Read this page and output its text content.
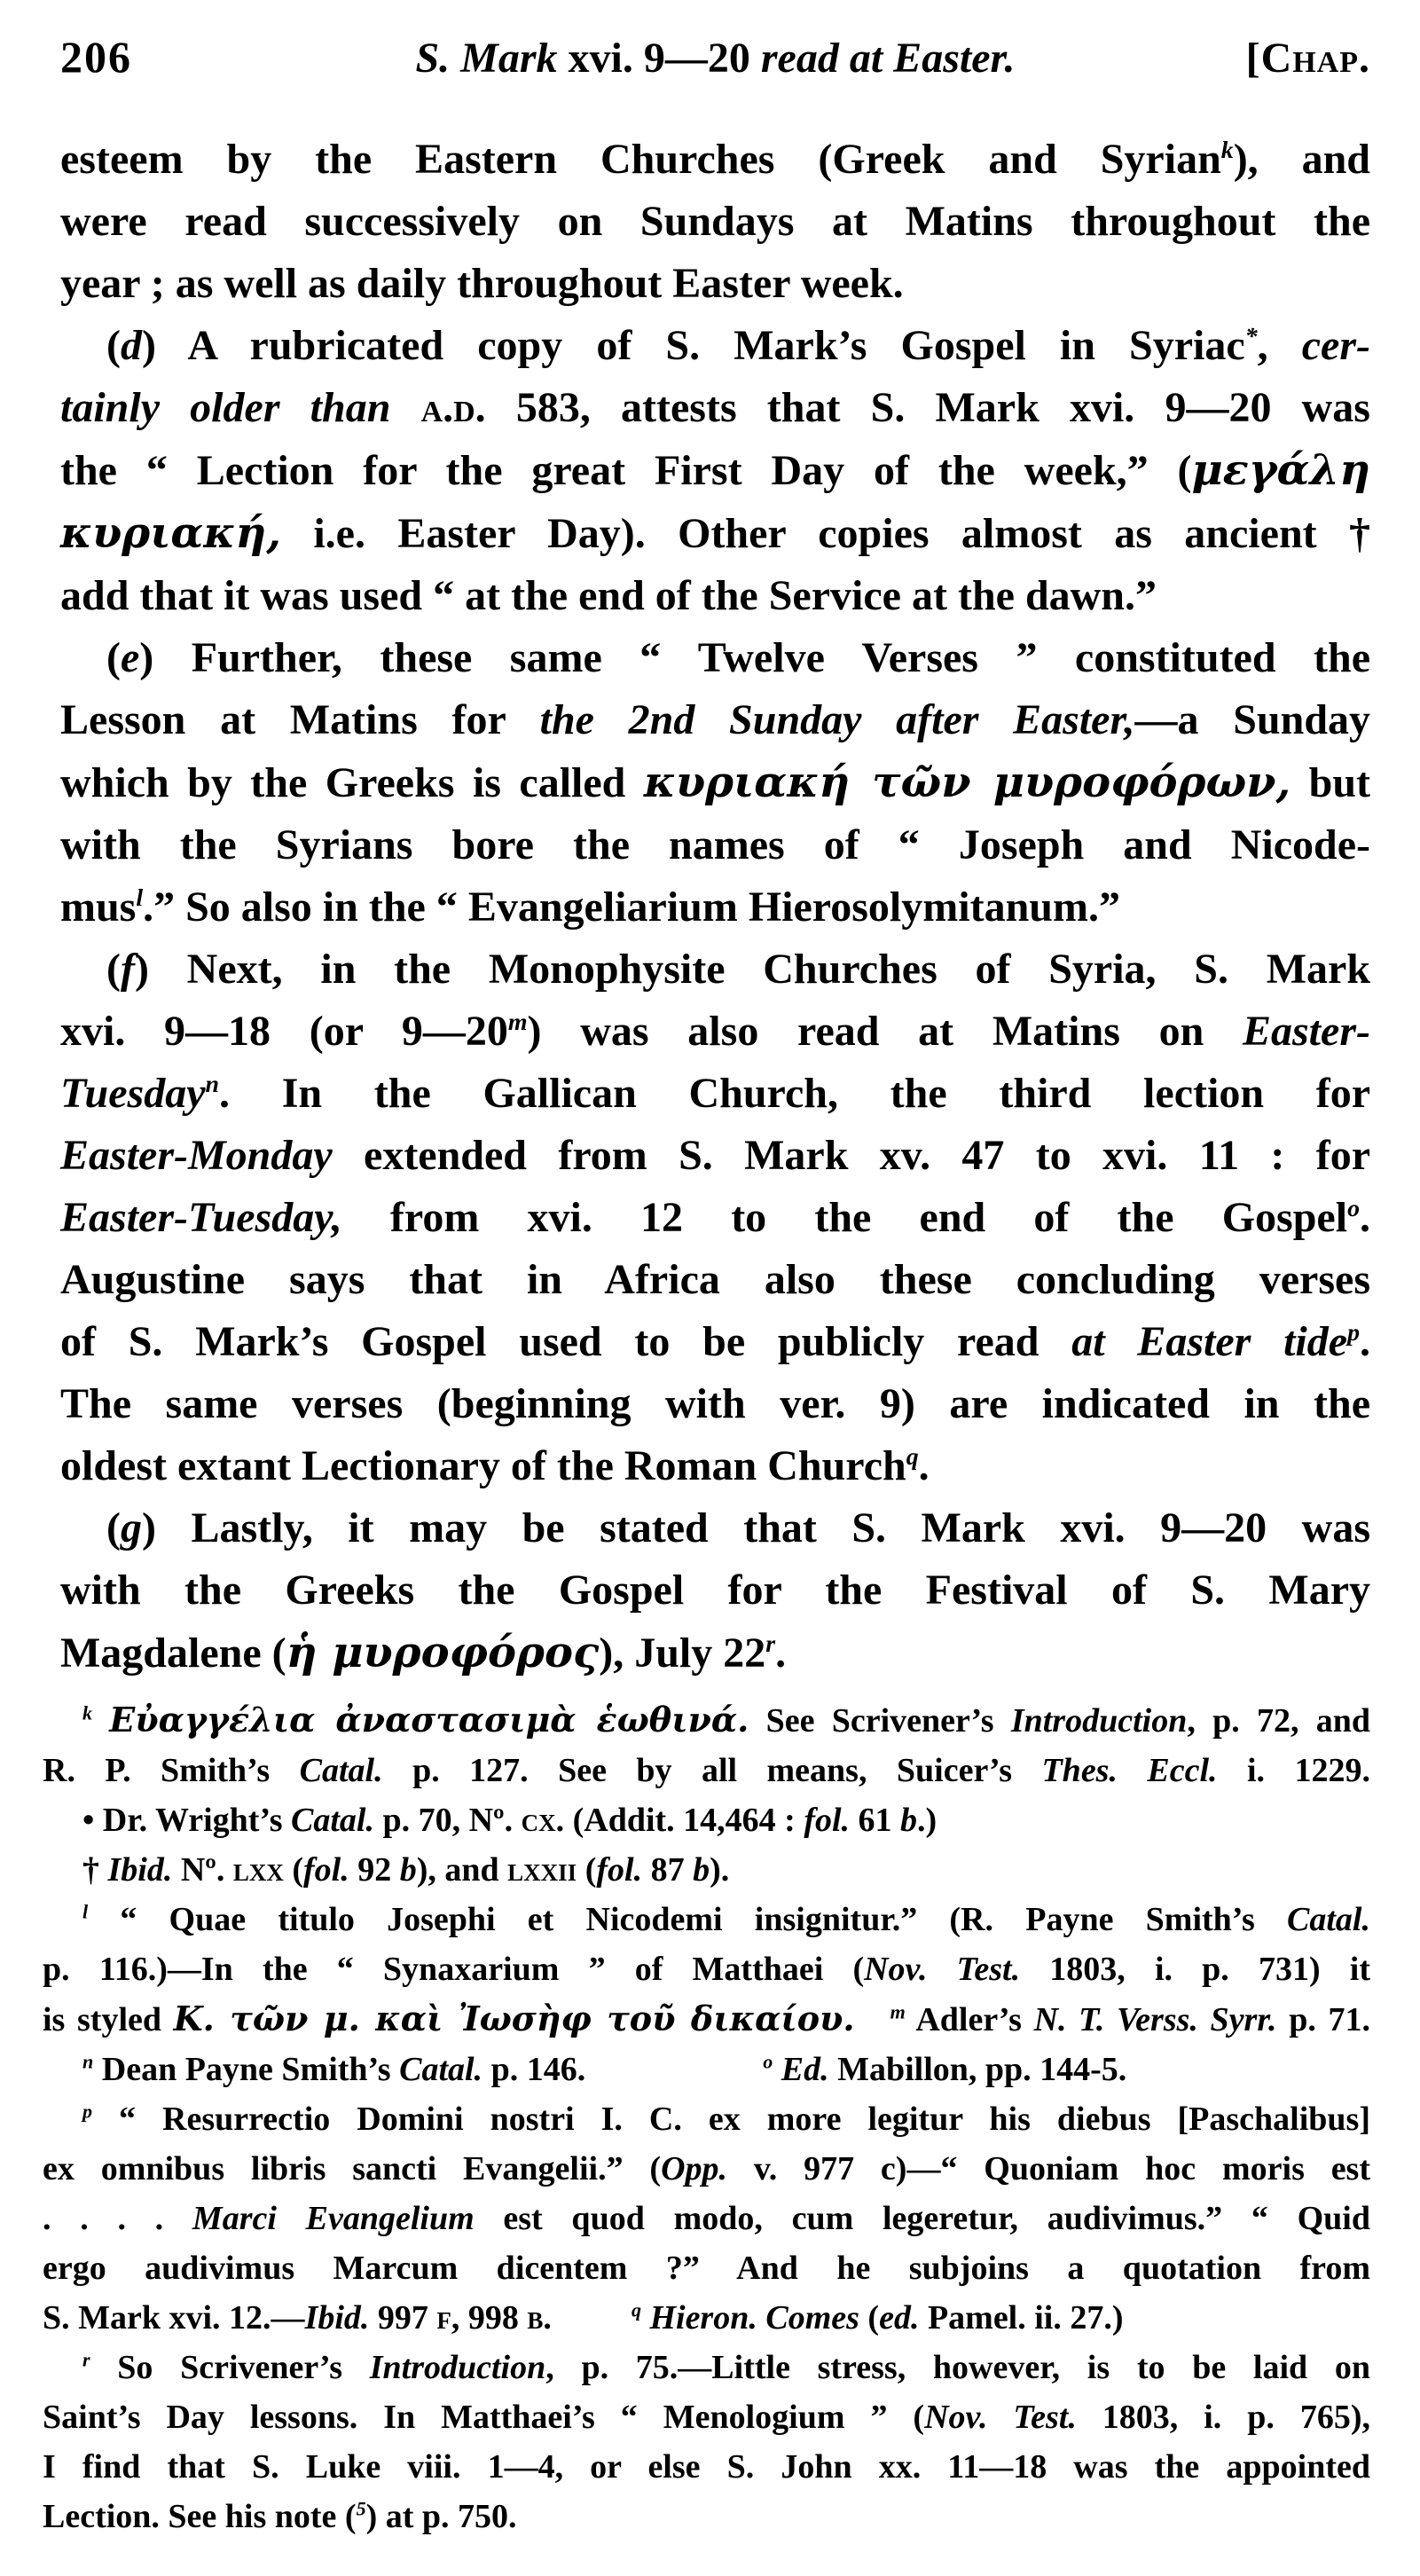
206	S. Mark xvi. 9—20 read at Easter.	[Chap.
esteem by the Eastern Churches (Greek and Syrian$^k$), and
were read successively on Sundays at Matins throughout the
year ; as well as daily throughout Easter week.
(d) A rubricated copy of S. Mark’s Gospel in Syriac*, cer-
tainly older than a.d. 583, attests that S. Mark xvi. 9—20 was
the “ Lection for the great First Day of the week,” (μεγάλη
κυριακή, i.e. Easter Day). Other copies almost as ancient †
add that it was used “ at the end of the Service at the dawn.”
(e) Further, these same “ Twelve Verses ” constituted the
Lesson at Matins for the 2nd Sunday after Easter,—a Sunday
which by the Greeks is called κυριακή τῶν μυροφόρων, but
with the Syrians bore the names of “ Joseph and Nicode-
mus$^l$.” So also in the “ Evangeliarium Hierosolymitanum.”
(f) Next, in the Monophysite Churches of Syria, S. Mark
xvi. 9—18 (or 9—20$^m$) was also read at Matins on Easter-
Tuesday$^n$. In the Gallican Church, the third lection for
Easter-Monday extended from S. Mark xv. 47 to xvi. 11 : for
Easter-Tuesday, from xvi. 12 to the end of the Gospel$^o$.
Augustine says that in Africa also these concluding verses
of S. Mark’s Gospel used to be publicly read at Easter tide$^p$.
The same verses (beginning with ver. 9) are indicated in the
oldest extant Lectionary of the Roman Church$^q$.
(g) Lastly, it may be stated that S. Mark xvi. 9—20 was
with the Greeks the Gospel for the Festival of S. Mary
Magdalene (ἡ μυροφόρος), July 22$^r$.
$^k$ Εὐαγγέλια ἀναστασιμὰ ἑωθινά. See Scrivener’s Introduction, p. 72, and
R. P. Smith’s Catal. p. 127. See by all means, Suicer’s Thes. Eccl. i. 1229.
• Dr. Wright’s Catal. p. 70, Nº. cx. (Addit. 14,464 : fol. 61 b.)
† Ibid. Nº. lxx (fol. 92 b), and lxxii (fol. 87 b).
$^l$ “ Quae titulo Josephi et Nicodemi insignitur.” (R. Payne Smith’s Catal.
p. 116.)—In the “ Synaxarium ” of Matthaei (Nov. Test. 1803, i. p. 731) it
is styled Κ. τῶν μ. καὶ Ἰωσὴφ τοῦ δικαίου. $^m$ Adler’s N. T. Verss. Syrr. p. 71.
$^n$ Dean Payne Smith’s Catal. p. 146.	$^o$ Ed. Mabillon, pp. 144-5.
$^p$ “ Resurrectio Domini nostri I. C. ex more legitur his diebus [Paschalibus]
ex omnibus libris sancti Evangelii.” (Opp. v. 977 c)—“ Quoniam hoc moris est
. . . . Marci Evangelium est quod modo, cum legeretur, audivimus.” “ Quid
ergo audivimus Marcum dicentem ?” And he subjoins a quotation from
S. Mark xvi. 12.—Ibid. 997 f, 998 b.	$^q$ Hieron. Comes (ed. Pamel. ii. 27.)
$^r$ So Scrivener’s Introduction, p. 75.—Little stress, however, is to be laid on
Saint’s Day lessons. In Matthaei’s “ Menologium ” (Nov. Test. 1803, i. p. 765),
I find that S. Luke viii. 1—4, or else S. John xx. 11—18 was the appointed
Lection. See his note ($^5$) at p. 750.
